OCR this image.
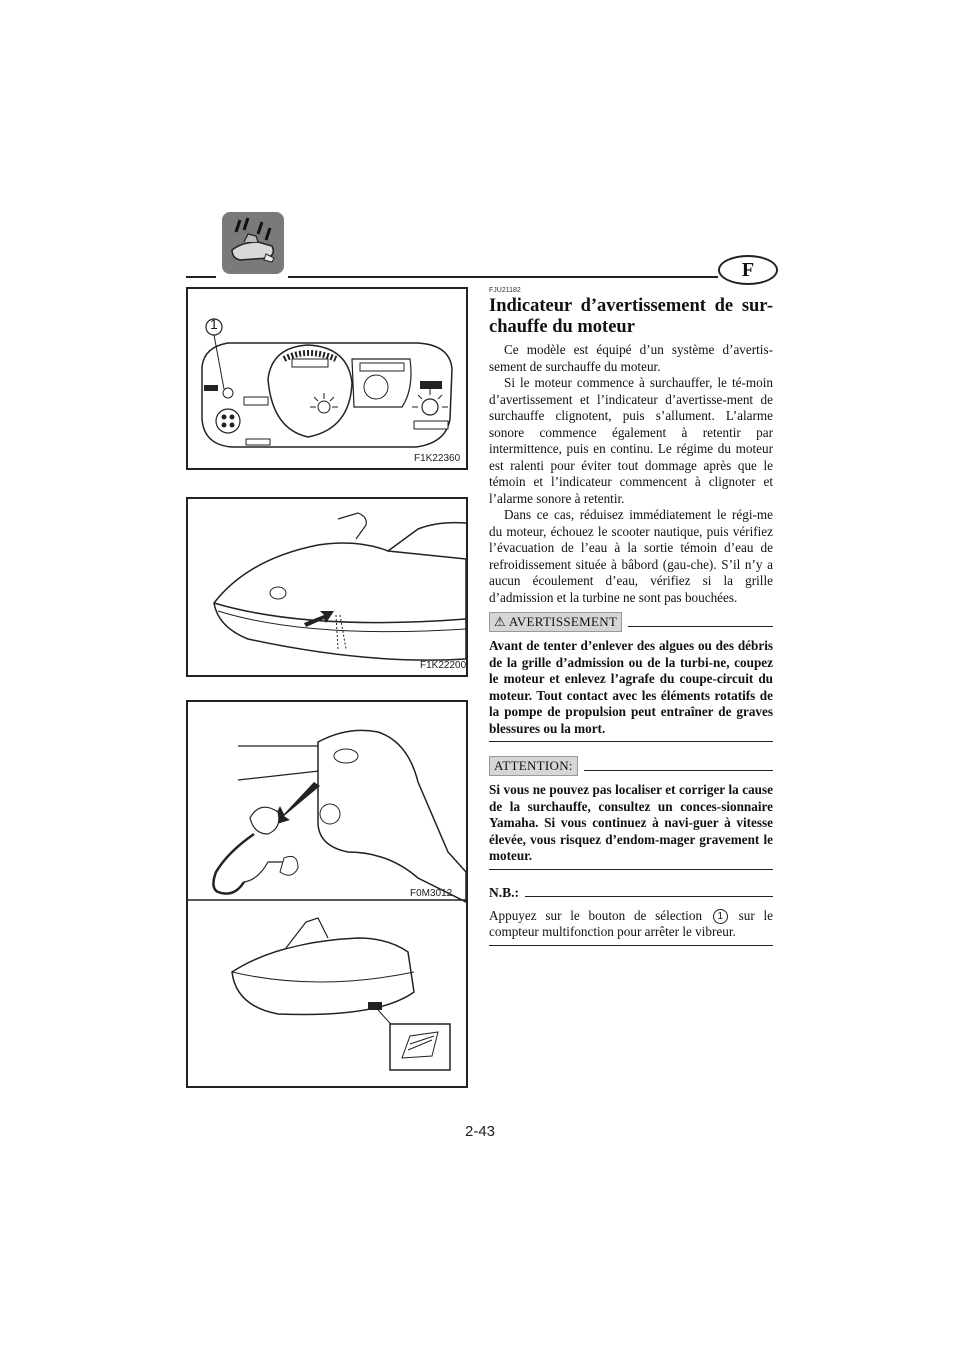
F
F1K22360
1
F1K22200
F0M3012

FJU21182

Indicateur d’avertissement de sur-chauffe du moteur

Ce modèle est équipé d’un système d’avertis-sement de surchauffe du moteur.

Si le moteur commence à surchauffer, le té-moin d’avertissement et l’indicateur d’avertisse-ment de surchauffe clignotent, puis s’allument. L’alarme sonore commence également à retentir par intermittence, puis en continu. Le régime du moteur est ralenti pour éviter tout dommage après que le témoin et l’indicateur commencent à clignoter et l’alarme sonore à retentir.

Dans ce cas, réduisez immédiatement le régi-me du moteur, échouez le scooter nautique, puis vérifiez l’évacuation de l’eau à la sortie témoin d’eau de refroidissement située à bâbord (gau-che). S’il n’y a aucun écoulement d’eau, vérifiez si la grille d’admission et la turbine ne sont pas bouchées.

⚠ AVERTISSEMENT

Avant de tenter d’enlever des algues ou des débris de la grille d’admission ou de la turbi-ne, coupez le moteur et enlevez l’agrafe du coupe-circuit du moteur. Tout contact avec les éléments rotatifs de la pompe de propulsion peut entraîner de graves blessures ou la mort.

ATTENTION:

Si vous ne pouvez pas localiser et corriger la cause de la surchauffe, consultez un conces-sionnaire Yamaha. Si vous continuez à navi-guer à vitesse élevée, vous risquez d’endom-mager gravement le moteur.

N.B.:

Appuyez sur le bouton de sélection 1 sur le compteur multifonction pour arrêter le vibreur.

2-43
